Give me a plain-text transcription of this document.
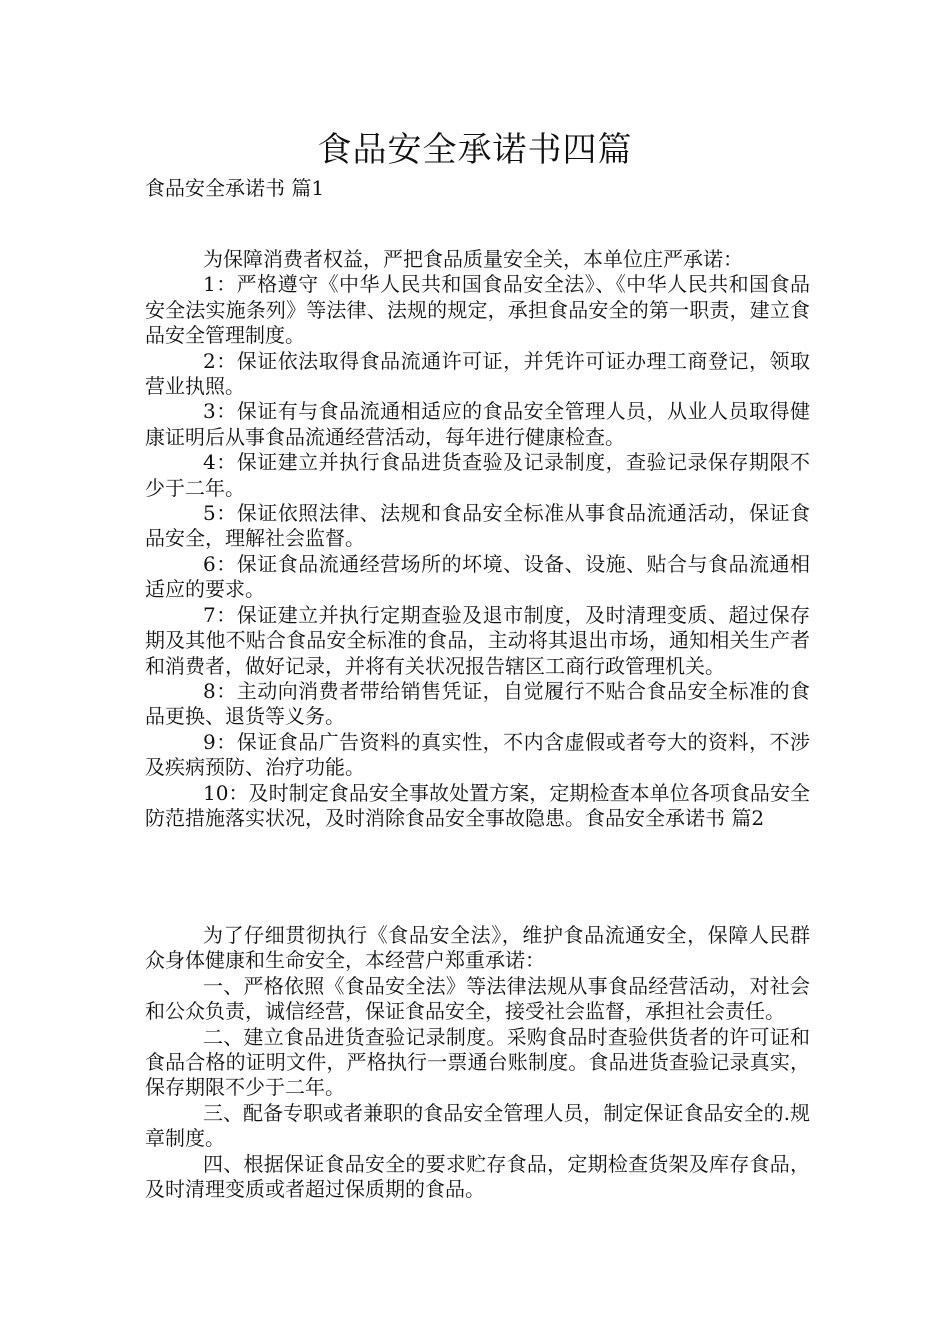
食品安全承诺书四篇
食品安全承诺书 篇1

为保障消费者权益，严把食品质量安全关，本单位庄严承诺：

1：严格遵守《中华人民共和国食品安全法》、《中华人民共和国食品安全法实施条列》等法律、法规的规定，承担食品安全的第一职责，建立食品安全管理制度。

2：保证依法取得食品流通许可证，并凭许可证办理工商登记，领取营业执照。

3：保证有与食品流通相适应的食品安全管理人员，从业人员取得健康证明后从事食品流通经营活动，每年进行健康检查。

4：保证建立并执行食品进货查验及记录制度，查验记录保存期限不少于二年。

5：保证依照法律、法规和食品安全标准从事食品流通活动，保证食品安全，理解社会监督。

6：保证食品流通经营场所的坏境、设备、设施、贴合与食品流通相适应的要求。

7：保证建立并执行定期查验及退市制度，及时清理变质、超过保存期及其他不贴合食品安全标准的食品，主动将其退出市场，通知相关生产者和消费者，做好记录，并将有关状况报告辖区工商行政管理机关。

8：主动向消费者带给销售凭证，自觉履行不贴合食品安全标准的食品更换、退货等义务。

9：保证食品广告资料的真实性，不内含虚假或者夸大的资料，不涉及疾病预防、治疗功能。

10：及时制定食品安全事故处置方案，定期检查本单位各项食品安全防范措施落实状况，及时消除食品安全事故隐患。食品安全承诺书 篇2

为了仔细贯彻执行《食品安全法》，维护食品流通安全，保障人民群众身体健康和生命安全，本经营户郑重承诺：

一、严格依照《食品安全法》等法律法规从事食品经营活动，对社会和公众负责，诚信经营，保证食品安全，接受社会监督，承担社会责任。

二、建立食品进货查验记录制度。采购食品时查验供货者的许可证和食品合格的证明文件，严格执行一票通台账制度。食品进货查验记录真实，保存期限不少于二年。

三、配备专职或者兼职的食品安全管理人员，制定保证食品安全的.规章制度。

四、根据保证食品安全的要求贮存食品，定期检查货架及库存食品，及时清理变质或者超过保质期的食品。
